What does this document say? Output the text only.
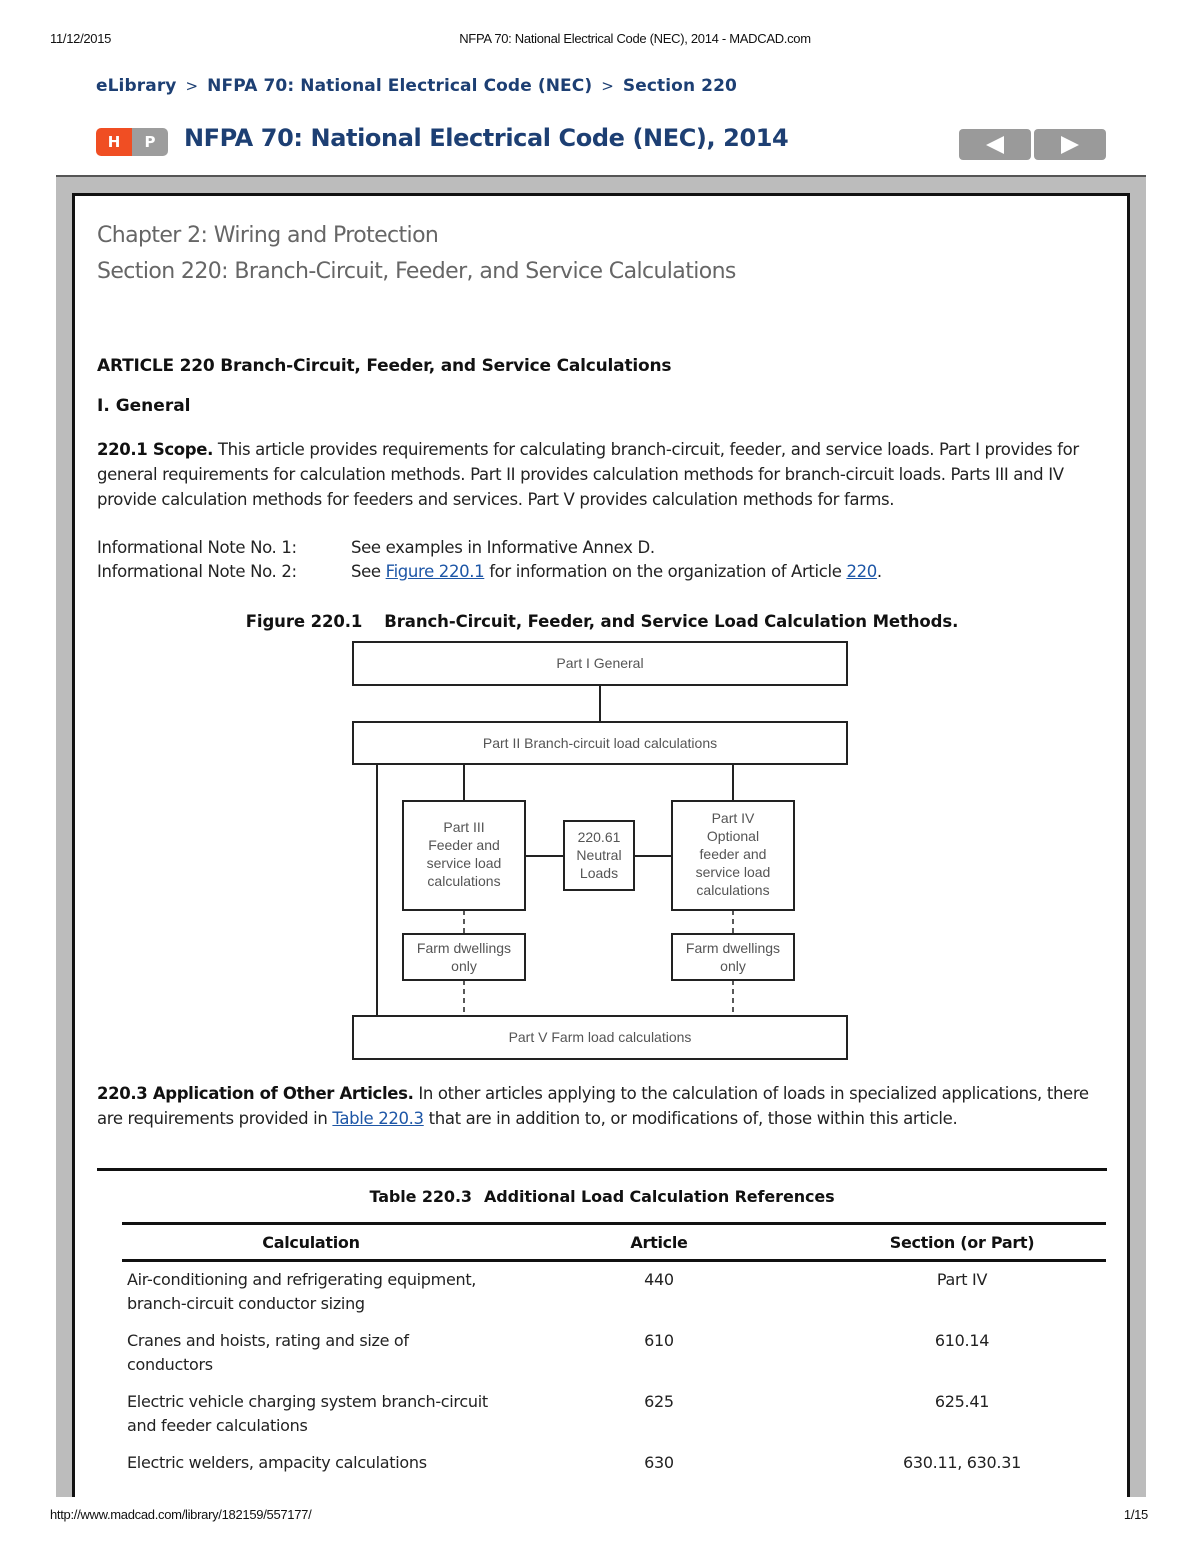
11/12/2015	NFPA 70: National Electrical Code (NEC), 2014 - MADCAD.com
eLibrary > NFPA 70: National Electrical Code (NEC) > Section 220
H	P	NFPA 70: National Electrical Code (NEC), 2014

Chapter 2: Wiring and Protection

Section 220: Branch-Circuit, Feeder, and Service Calculations

ARTICLE 220 Branch-Circuit, Feeder, and Service Calculations
I. General
220.1 Scope. This article provides requirements for calculating branch-circuit, feeder, and service loads. Part I provides for general requirements for calculation methods. Part II provides calculation methods for branch-circuit loads. Parts III and IV provide calculation methods for feeders and services. Part V provides calculation methods for farms.
Informational Note No. 1:	See examples in Informative Annex D.
Informational Note No. 2:	See Figure 220.1 for information on the organization of Article 220.
Figure 220.1 Branch-Circuit, Feeder, and Service Load Calculation Methods.
Part I General
Part II Branch-circuit load calculations
Part III
Feeder and
service load
calculations
220.61
Neutral
Loads
Part IV
Optional
feeder and
service load
calculations
Farm dwellings
only
Farm dwellings
only
Part V Farm load calculations
220.3 Application of Other Articles. In other articles applying to the calculation of loads in specialized applications, there are requirements provided in Table 220.3 that are in addition to, or modifications of, those within this article.
Table 220.3 Additional Load Calculation References
Calculation	Article	Section (or Part)
Air-conditioning and refrigerating equipment, branch-circuit conductor sizing	440	Part IV
Cranes and hoists, rating and size of conductors	610	610.14
Electric vehicle charging system branch-circuit and feeder calculations	625	625.41
Electric welders, ampacity calculations	630	630.11, 630.31
http://www.madcad.com/library/182159/557177/	1/15
